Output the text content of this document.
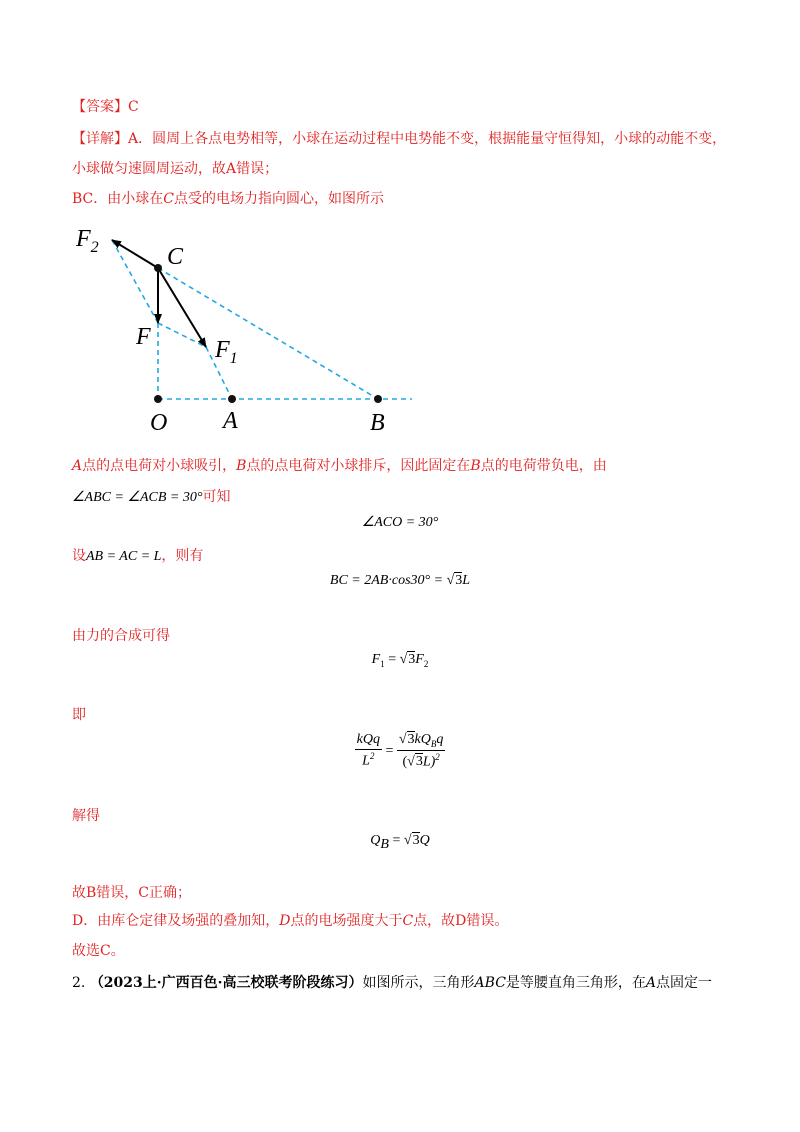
【答案】C
【详解】A．圆周上各点电势相等，小球在运动过程中电势能不变，根据能量守恒得知，小球的动能不变，
小球做匀速圆周运动，故A错误；
BC．由小球在C点受的电场力指向圆心，如图所示
$F_2$	C
F	$F_1$
O A	B
A点的点电荷对小球吸引，B点的点电荷对小球排斥，因此固定在B点的电荷带负电，由
∠ABC = ∠ACB = 30°可知
∠ACO = 30°
设AB = AC = L，则有
BC = 2AB·cos30° = √3L
由力的合成可得
$F_1 = √3F_2$
即
$\frac{\text{kQq}}{L^2} = \frac{√3kQ_Bq}{(√3L)^2}$
解得
$Q_B = √3Q$
故B错误，C正确；
D．由库仑定律及场强的叠加知，D点的电场强度大于C点，故D错误。
故选C。
2. （2023上·广西百色·高三校联考阶段练习）如图所示，三角形ABC是等腰直角三角形，在A点固定一
